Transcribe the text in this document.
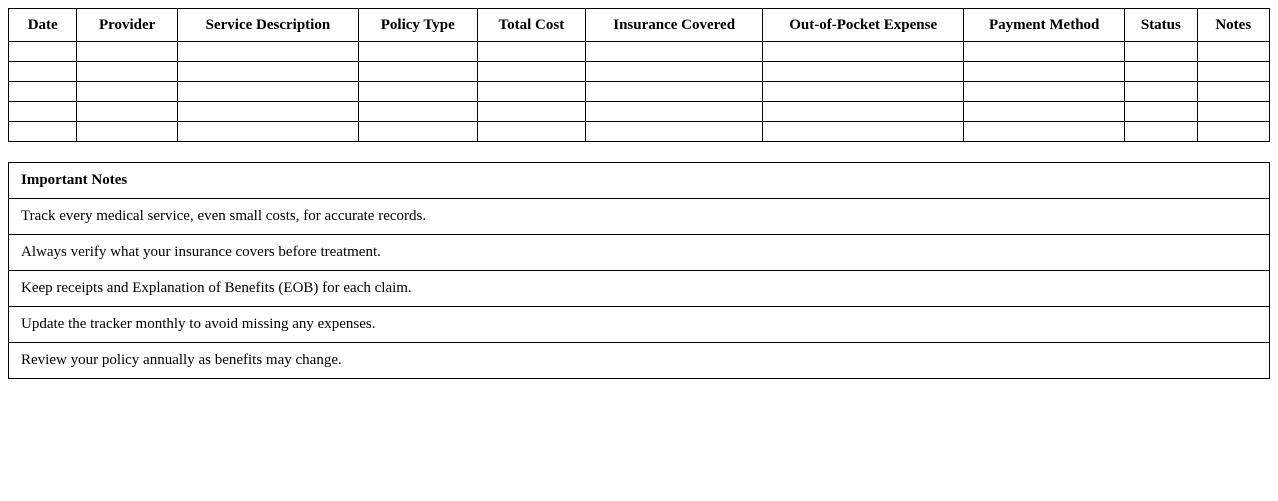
Date	Provider	Service Description	Policy Type	Total Cost	Insurance Covered	Out-of-Pocket Expense	Payment Method	Status	Notes

Important Notes
Track every medical service, even small costs, for accurate records.
Always verify what your insurance covers before treatment.
Keep receipts and Explanation of Benefits (EOB) for each claim.
Update the tracker monthly to avoid missing any expenses.
Review your policy annually as benefits may change.
